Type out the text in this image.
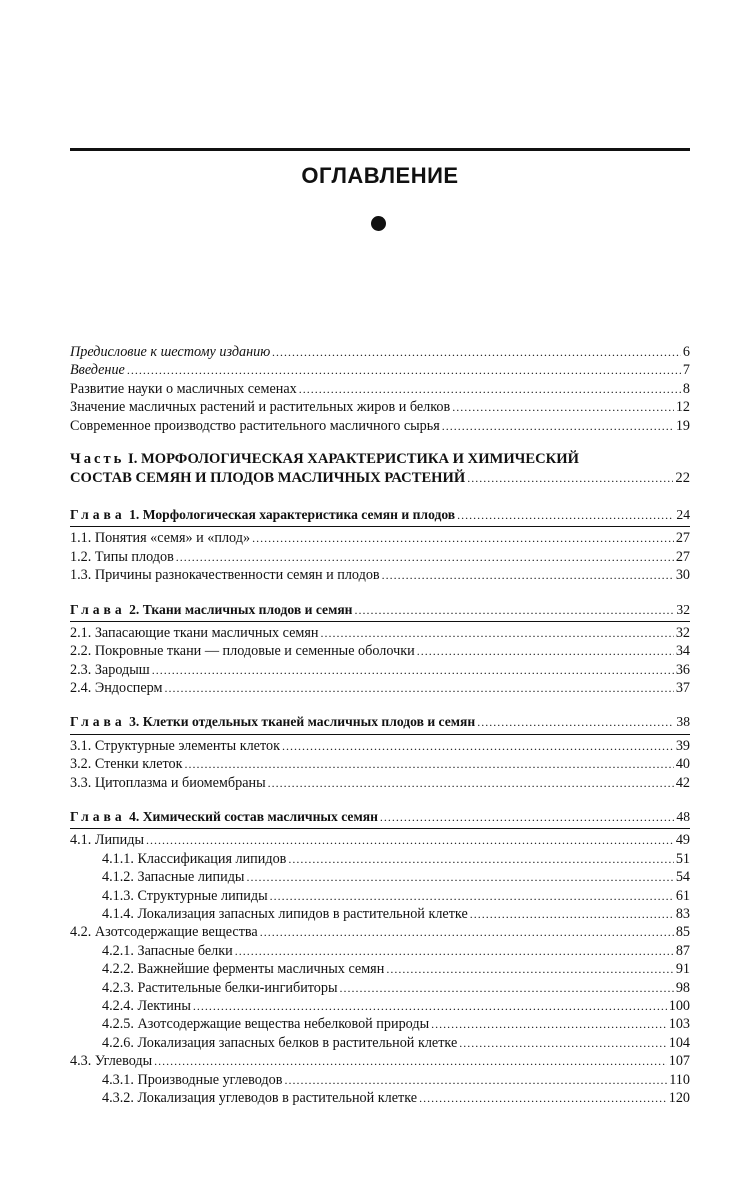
ОГЛАВЛЕНИЕ
Предисловие к шестому изданию .....	6
Введение .....	7
Развитие науки о масличных семенах .....	8
Значение масличных растений и растительных жиров и белков .....	12
Современное производство растительного масличного сырья .....	19
Часть I. МОРФОЛОГИЧЕСКАЯ ХАРАКТЕРИСТИКА И ХИМИЧЕСКИЙ
СОСТАВ СЕМЯН И ПЛОДОВ МАСЛИЧНЫХ РАСТЕНИЙ .....	22
Глава 1. Морфологическая характеристика семян и плодов .....	24
1.1. Понятия «семя» и «плод» .....	27
1.2. Типы плодов .....	27
1.3. Причины разнокачественности семян и плодов .....	30
Глава 2. Ткани масличных плодов и семян .....	32
2.1. Запасающие ткани масличных семян .....	32
2.2. Покровные ткани — плодовые и семенные оболочки .....	34
2.3. Зародыш .....	36
2.4. Эндосперм .....	37
Глава 3. Клетки отдельных тканей масличных плодов и семян .....	38
3.1. Структурные элементы клеток .....	39
3.2. Стенки клеток .....	40
3.3. Цитоплазма и биомембраны .....	42
Глава 4. Химический состав масличных семян .....	48
4.1. Липиды .....	49
4.1.1. Классификация липидов .....	51
4.1.2. Запасные липиды .....	54
4.1.3. Структурные липиды .....	61
4.1.4. Локализация запасных липидов в растительной клетке .....	83
4.2. Азотсодержащие вещества .....	85
4.2.1. Запасные белки .....	87
4.2.2. Важнейшие ферменты масличных семян .....	91
4.2.3. Растительные белки-ингибиторы .....	98
4.2.4. Лектины .....	100
4.2.5. Азотсодержащие вещества небелковой природы .....	103
4.2.6. Локализация запасных белков в растительной клетке .....	104
4.3. Углеводы .....	107
4.3.1. Производные углеводов .....	110
4.3.2. Локализация углеводов в растительной клетке .....	120
